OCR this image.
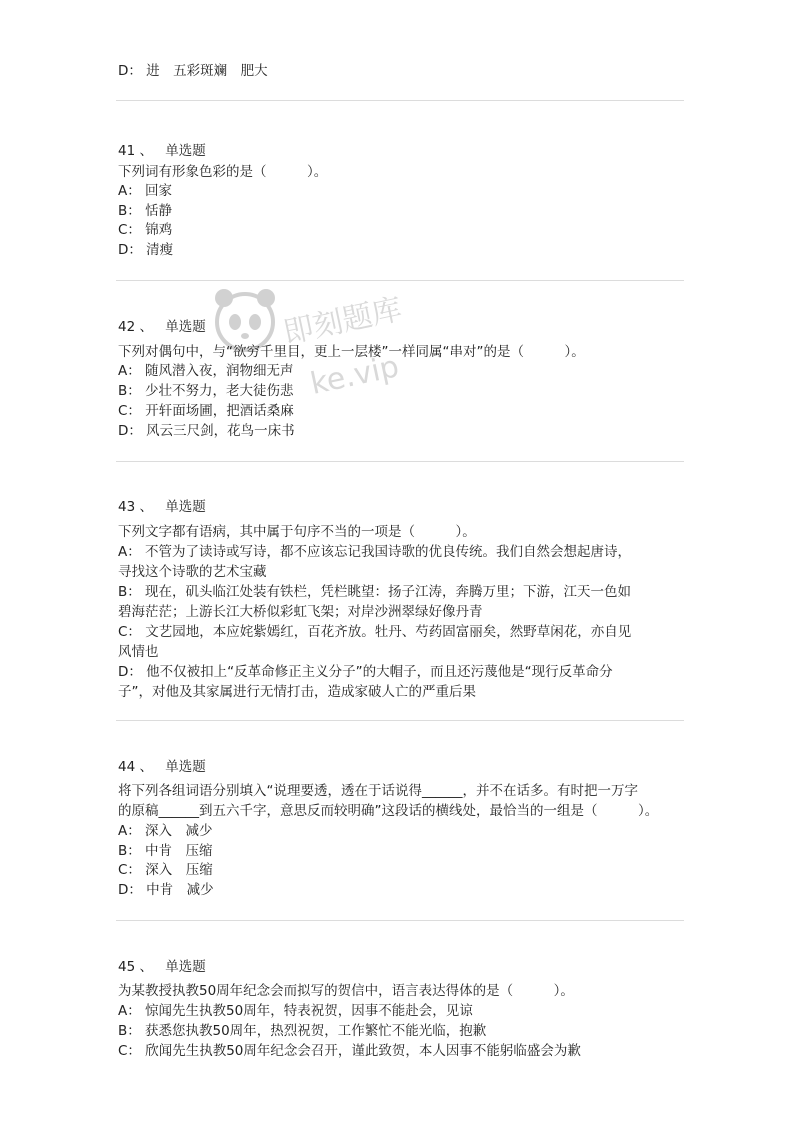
D： 进　五彩斑斓　肥大
41 、 单选题
下列词有形象色彩的是（　　　）。
A： 回家
B： 恬静
C： 锦鸡
D： 清瘦
42 、 单选题
下列对偶句中，与“欲穷千里目，更上一层楼”一样同属“串对”的是（　　　）。
A： 随风潜入夜，润物细无声
B： 少壮不努力，老大徒伤悲
C： 开轩面场圃，把酒话桑麻
D： 风云三尺剑，花鸟一床书
43 、 单选题
下列文字都有语病，其中属于句序不当的一项是（　　　）。
A： 不管为了读诗或写诗，都不应该忘记我国诗歌的优良传统。我们自然会想起唐诗，
寻找这个诗歌的艺术宝藏
B： 现在，矶头临江处装有铁栏，凭栏眺望：扬子江涛，奔腾万里；下游，江天一色如
碧海茫茫；上游长江大桥似彩虹飞架；对岸沙洲翠绿好像丹青
C： 文艺园地，本应姹紫嫣红，百花齐放。牡丹、芍药固富丽矣，然野草闲花，亦自见
风情也
D： 他不仅被扣上“反革命修正主义分子”的大帽子，而且还污蔑他是“现行反革命分
子”，对他及其家属进行无情打击，造成家破人亡的严重后果
44 、 单选题
将下列各组词语分别填入“说理要透，透在于话说得______，并不在话多。有时把一万字
的原稿______到五六千字，意思反而较明确”这段话的横线处，最恰当的一组是（　　　）。
A： 深入　减少
B： 中肯　压缩
C： 深入　压缩
D： 中肯　减少
45 、 单选题
为某教授执教50周年纪念会而拟写的贺信中，语言表达得体的是（　　　）。
A： 惊闻先生执教50周年，特表祝贺，因事不能赴会，见谅
B： 获悉您执教50周年，热烈祝贺，工作繁忙不能光临，抱歉
C： 欣闻先生执教50周年纪念会召开，谨此致贺，本人因事不能躬临盛会为歉
即刻题库
ke.vip
